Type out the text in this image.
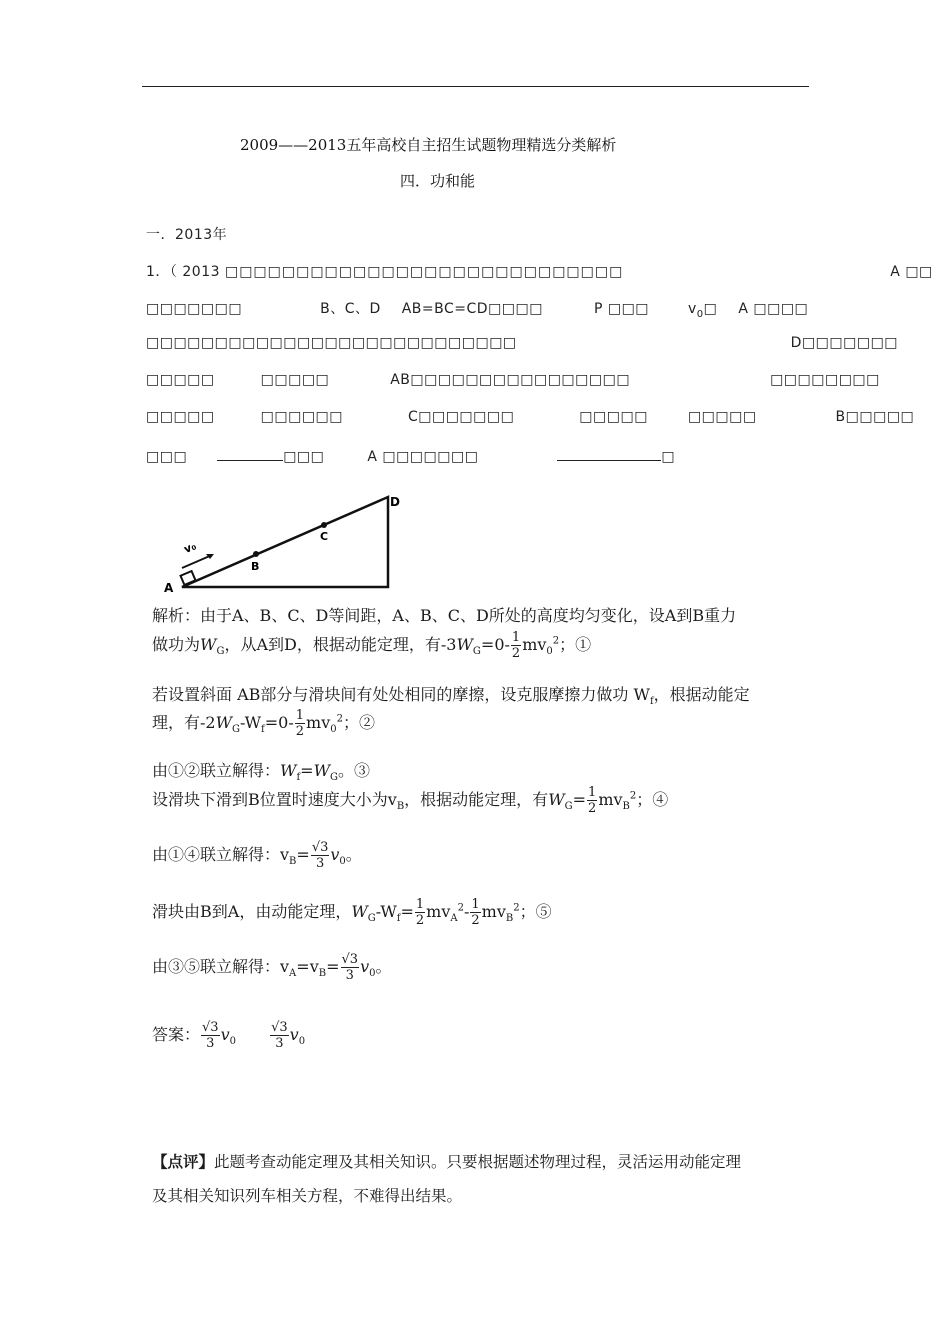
2009——2013五年高校自主招生试题物理精选分类解析
四．功和能
一．2013年
1．（ 2013 □□□□□□□□□□□□□□□□□□□□□□□□□□□□	A □□
□□□□□□□	B、C、D AB=BC=CD□□□□	P □□□ $v_0□$ A □□□□
□□□□□□□□□□□□□□□□□□□□□□□□□□□	D□□□□□□□
□□□□□	□□□□□	AB□□□□□□□□□□□□□□□□	□□□□□□□□
□□□□□	□□□□□□	C□□□□□□□	□□□□□	□□□□□	B□□□□□
□□□	□□□	A □□□□□□□	□
A
B
C
D
v₀
解析：由于A、B、C、D等间距，A、B、C、D所处的高度均匀变化，设A到B重力
做功为$W_G$，从A到D，根据动能定理，有$-3W_G=0- \frac{1}{2} mv_0^2$；①
若设置斜面 AB部分与滑块间有处处相同的摩擦，设克服摩擦力做功 $W_f$，根据动能定
理，有$-2W_G-W_f=0- \frac{1}{2} mv_0^2$；②
由①②联立解得：$W_f=W_G$。③
设滑块下滑到B位置时速度大小为$v_B$，根据动能定理，有$W_G= \frac{1}{2} mv_B^2$；④
由①④联立解得：$v_B= \frac{√3}{3} v_0$。
滑块由B到A，由动能定理，$W_G-W_f= \frac{1}{2} mv_A^2- \frac{1}{2} mv_B^2$；⑤
由③⑤联立解得：$v_A=v_B= \frac{√3}{3} v_0$。
答案： $\frac{√3}{3} v_0$	$\frac{√3}{3} v_0$
【点评】此题考查动能定理及其相关知识。只要根据题述物理过程，灵活运用动能定理
及其相关知识列车相关方程，不难得出结果。
